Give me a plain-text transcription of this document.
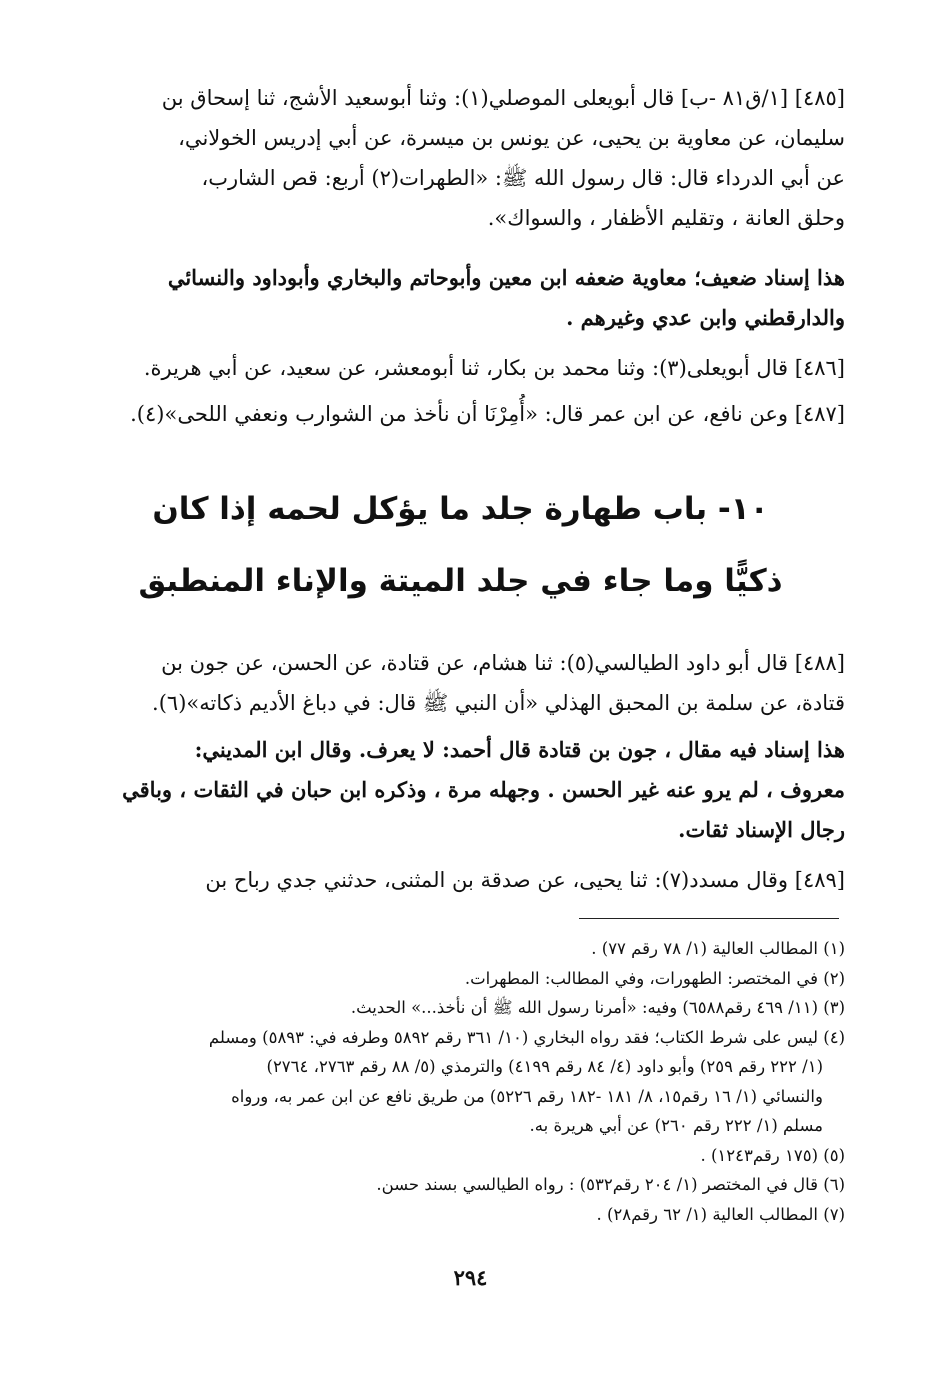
[٤٨٥] [١/ق٨١ -ب] قال أبويعلى الموصلي(١): وثنا أبوسعيد الأشج، ثنا إسحاق بن
سليمان، عن معاوية بن يحيى، عن يونس بن ميسرة، عن أبي إدريس الخولاني،
عن أبي الدرداء قال: قال رسول الله ﷺ: «الطهرات(٢) أربع: قص الشارب،
وحلق العانة ، وتقليم الأظفار ، والسواك».
هذا إسناد ضعيف؛ معاوية ضعفه ابن معين وأبوحاتم والبخاري وأبوداود والنسائي
والدارقطني وابن عدي وغيرهم .
[٤٨٦] قال أبويعلى(٣): وثنا محمد بن بكار، ثنا أبومعشر، عن سعيد، عن أبي هريرة.
[٤٨٧] وعن نافع، عن ابن عمر قال: «أُمِرْنَا أن نأخذ من الشوارب ونعفي اللحى»(٤).
١٠- باب طهارة جلد ما يؤكل لحمه إذا كان
ذكيًّا وما جاء في جلد الميتة والإناء المنطبق
[٤٨٨] قال أبو داود الطيالسي(٥): ثنا هشام، عن قتادة، عن الحسن، عن جون بن
قتادة، عن سلمة بن المحبق الهذلي «أن النبي ﷺ قال: في دباغ الأديم ذكاته»(٦).
هذا إسناد فيه مقال ، جون بن قتادة قال أحمد: لا يعرف. وقال ابن المديني:
معروف ، لم يرو عنه غير الحسن . وجهله مرة ، وذكره ابن حبان في الثقات ، وباقي
رجال الإسناد ثقات.
[٤٨٩] وقال مسدد(٧): ثنا يحيى، عن صدقة بن المثنى، حدثني جدي رباح بن
(١) المطالب العالية (١/ ٧٨ رقم ٧٧) .
(٢) في المختصر: الطهورات، وفي المطالب: المطهرات.
(٣) (١١/ ٤٦٩ رقم٦٥٨٨) وفيه: «أمرنا رسول الله ﷺ أن نأخذ...» الحديث.
(٤) ليس على شرط الكتاب؛ فقد رواه البخاري (١٠/ ٣٦١ رقم ٥٨٩٢ وطرفه في: ٥٨٩٣) ومسلم
(١/ ٢٢٢ رقم ٢٥٩) وأبو داود (٤/ ٨٤ رقم ٤١٩٩) والترمذي (٥/ ٨٨ رقم ٢٧٦٣، ٢٧٦٤)
والنسائي (١/ ١٦ رقم١٥، ٨/ ١٨١ -١٨٢ رقم ٥٢٢٦) من طريق نافع عن ابن عمر به، ورواه
مسلم (١/ ٢٢٢ رقم ٢٦٠) عن أبي هريرة به.
(٥) (١٧٥ رقم١٢٤٣) .
(٦) قال في المختصر (١/ ٢٠٤ رقم٥٣٢) : رواه الطيالسي بسند حسن.
(٧) المطالب العالية (١/ ٦٢ رقم٢٨) .
٢٩٤
